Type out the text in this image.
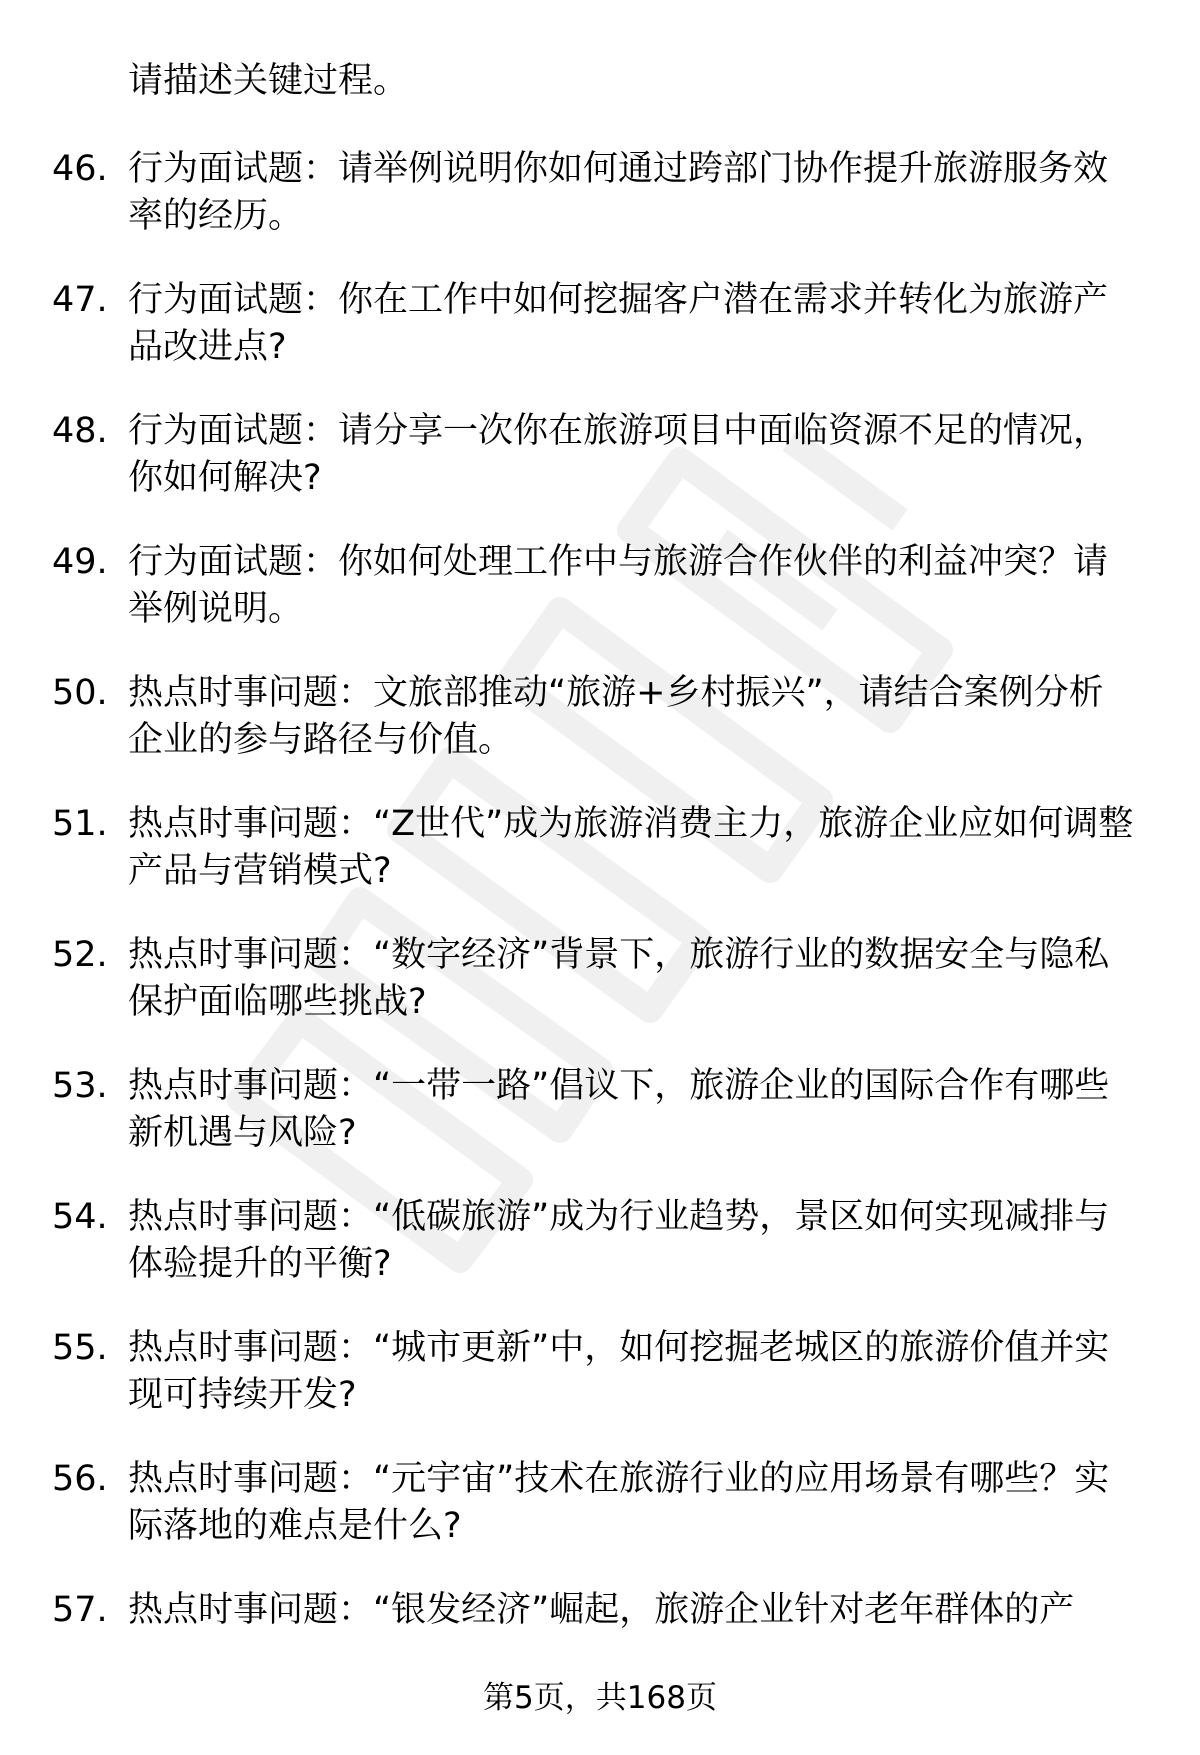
请描述关键过程。

46. 行为面试题：请举例说明你如何通过跨部门协作提升旅游服务效率的经历。

47. 行为面试题：你在工作中如何挖掘客户潜在需求并转化为旅游产品改进点?

48. 行为面试题：请分享一次你在旅游项目中面临资源不足的情况，你如何解决?

49. 行为面试题：你如何处理工作中与旅游合作伙伴的利益冲突？请举例说明。

50. 热点时事问题：文旅部推动“旅游+乡村振兴”，请结合案例分析企业的参与路径与价值。

51. 热点时事问题：“Z世代”成为旅游消费主力，旅游企业应如何调整产品与营销模式?

52. 热点时事问题：“数字经济”背景下，旅游行业的数据安全与隐私保护面临哪些挑战?

53. 热点时事问题：“一带一路”倡议下，旅游企业的国际合作有哪些新机遇与风险?

54. 热点时事问题：“低碳旅游”成为行业趋势，景区如何实现减排与体验提升的平衡?

55. 热点时事问题：“城市更新”中，如何挖掘老城区的旅游价值并实现可持续开发?

56. 热点时事问题：“元宇宙”技术在旅游行业的应用场景有哪些？实际落地的难点是什么?

57. 热点时事问题：“银发经济”崛起，旅游企业针对老年群体的产

第5页，共168页
